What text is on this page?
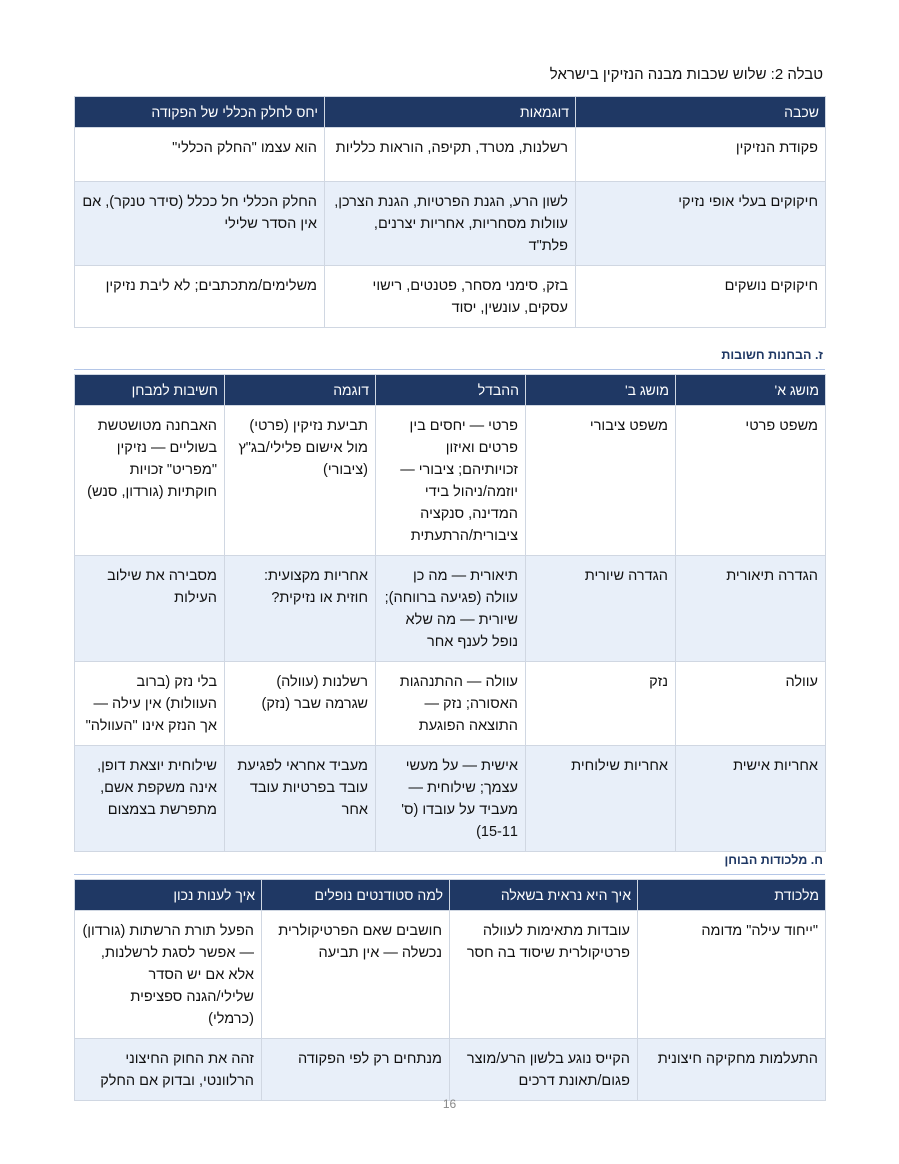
טבלה 2: שלוש שכבות מבנה הנזיקין בישראל
שכבה	דוגמאות	יחס לחלק הכללי של הפקודה
פקודת הנזיקין	רשלנות, מטרד, תקיפה, הוראות כלליות	הוא עצמו "החלק הכללי"
חיקוקים בעלי אופי נזיקי	לשון הרע, הגנת הפרטיות, הגנת הצרכן, עוולות מסחריות, אחריות יצרנים, פלת"ד	החלק הכללי חל ככלל (סידר טנקר), אם אין הסדר שלילי
חיקוקים נושקים	בזק, סימני מסחר, פטנטים, רישוי עסקים, עונשין, יסוד	משלימים/מתכתבים; לא ליבת נזיקין
ז. הבחנות חשובות
מושג א'	מושג ב'	ההבדל	דוגמה	חשיבות למבחן
משפט פרטי	משפט ציבורי	פרטי — יחסים בין פרטים ואיזון זכויותיהם; ציבורי — יוזמה/ניהול בידי המדינה, סנקציה ציבורית/הרתעתית	תביעת נזיקין (פרטי) מול אישום פלילי/בג"ץ (ציבורי)	האבחנה מטושטשת בשוליים — נזיקין "מפריט" זכויות חוקתיות (גורדון, סנש)
הגדרה תיאורית	הגדרה שיורית	תיאורית — מה כן עוולה (פגיעה ברווחה); שיורית — מה שלא נופל לענף אחר	אחריות מקצועית: חוזית או נזיקית?	מסבירה את שילוב העילות
עוולה	נזק	עוולה — ההתנהגות האסורה; נזק — התוצאה הפוגעת	רשלנות (עוולה) שגרמה שבר (נזק)	בלי נזק (ברוב העוולות) אין עילה — אך הנזק אינו "העוולה"
אחריות אישית	אחריות שילוחית	אישית — על מעשי עצמך; שילוחית — מעביד על עובדו (ס' 15-11)	מעביד אחראי לפגיעת עובד בפרטיות עובד אחר	שילוחית יוצאת דופן, אינה משקפת אשם, מתפרשת בצמצום
ח. מלכודות הבוחן
מלכודת	איך היא נראית בשאלה	למה סטודנטים נופלים	איך לענות נכון
"ייחוד עילה" מדומה	עובדות מתאימות לעוולה פרטיקולרית שיסוד בה חסר	חושבים שאם הפרטיקולרית נכשלה — אין תביעה	הפעל תורת הרשתות (גורדון) — אפשר לסגת לרשלנות, אלא אם יש הסדר שלילי/הגנה ספציפית (כרמלי)
התעלמות מחקיקה חיצונית	הקייס נוגע בלשון הרע/מוצר פגום/תאונת דרכים	מנתחים רק לפי הפקודה	זהה את החוק החיצוני הרלוונטי, ובדוק אם החלק
16
